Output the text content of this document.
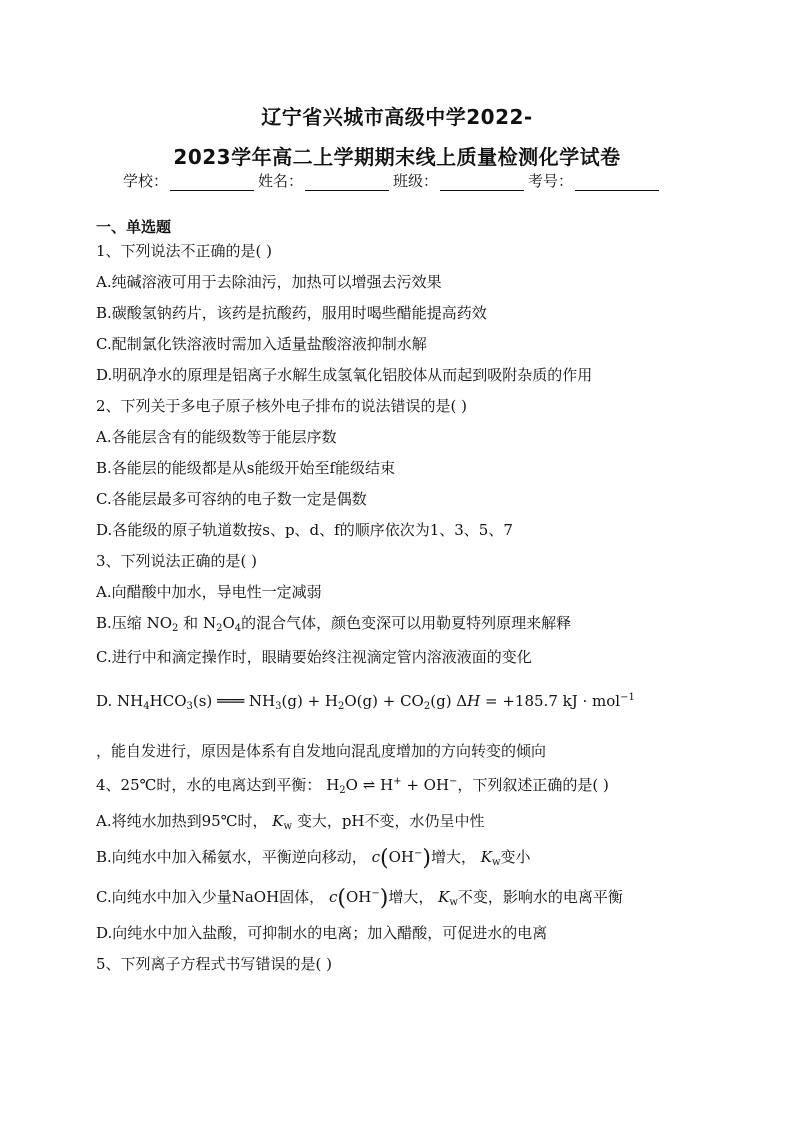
辽宁省兴城市高级中学2022-
2023学年高二上学期期末线上质量检测化学试卷
学校：	姓名：	班级：	考号：
一、单选题
1、下列说法不正确的是( )
A.纯碱溶液可用于去除油污，加热可以增强去污效果
B.碳酸氢钠药片，该药是抗酸药，服用时喝些醋能提高药效
C.配制氯化铁溶液时需加入适量盐酸溶液抑制水解
D.明矾净水的原理是铝离子水解生成氢氧化铝胶体从而起到吸附杂质的作用
2、下列关于多电子原子核外电子排布的说法错误的是( )
A.各能层含有的能级数等于能层序数
B.各能层的能级都是从s能级开始至f能级结束
C.各能层最多可容纳的电子数一定是偶数
D.各能级的原子轨道数按s、p、d、f的顺序依次为1、3、5、7
3、下列说法正确的是( )
A.向醋酸中加水，导电性一定减弱
B.压缩 $NO_2$ 和 $N_2O_4$的混合气体，颜色变深可以用勒夏特列原理来解释
C.进行中和滴定操作时，眼睛要始终注视滴定管内溶液液面的变化
D. $NH_4HCO_3(s)$ ═══ $NH_3(g) + H_2O(g) + CO_2(g) \Delta H = +185.7$ kJ · mol$^{-1}$
，能自发进行，原因是体系有自发地向混乱度增加的方向转变的倾向
4、25℃时，水的电离达到平衡： $H_2O$ ⇌ H+ + OH−，下列叙述正确的是( )
A.将纯水加热到95℃时， $K_w$ 变大，pH不变，水仍呈中性
B.向纯水中加入稀氨水，平衡逆向移动， c(OH−)增大， $K_w$变小
C.向纯水中加入少量NaOH固体， c(OH−)增大， $K_w$不变，影响水的电离平衡
D.向纯水中加入盐酸，可抑制水的电离；加入醋酸，可促进水的电离
5、下列离子方程式书写错误的是( )
